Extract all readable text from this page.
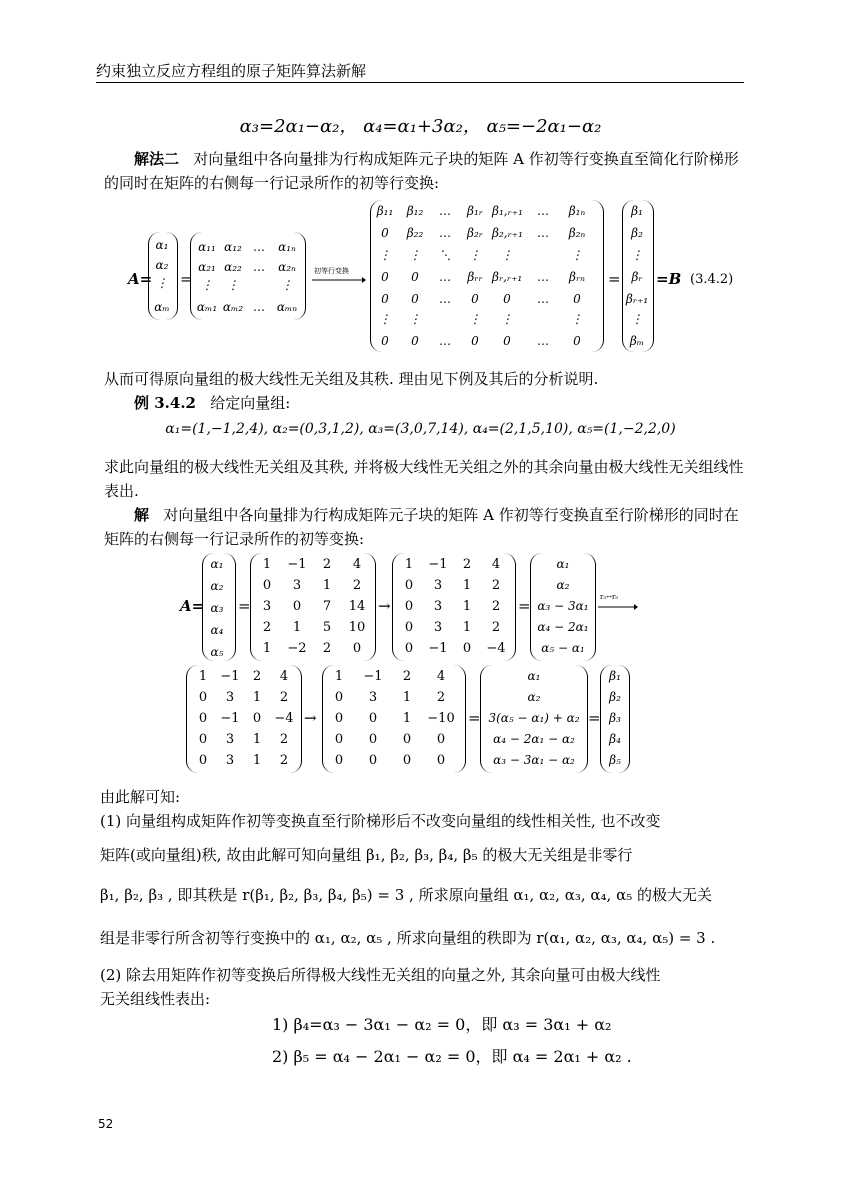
约束独立反应方程组的原子矩阵算法新解
α₃=2α₁−α₂， α₄=α₁+3α₂， α₅=−2α₁−α₂
解法二 对向量组中各向量排为行构成矩阵元子块的矩阵 A 作初等行变换直至简化行阶梯形的同时在矩阵的右侧每一行记录所作的初等行变换:
A=
α₁
α₂
⋮
αₘ
=
α₁₁ α₁₂ …	α₁ₙ
α₂₁ α₂₂ …	α₂ₙ
⋮	⋮	⋮
αₘ₁ αₘ₂ … αₘₙ
初等行变换
β₁₁	β₁₂	…	β₁ᵣ β₁,ᵣ₊₁	…	β₁ₙ
0	β₂₂	…	β₂ᵣ β₂,ᵣ₊₁	…	β₂ₙ
⋮	⋮	⋱	⋮	⋮	⋮
0	0	…	βᵣᵣ βᵣ,ᵣ₊₁	…	βᵣₙ
0	0	…	0	0	…	0
⋮	⋮	⋮	⋮	⋮
0	0	…	0	0	…	0
=
β₁
β₂
⋮
βᵣ
βᵣ₊₁
⋮
βₘ
=B (3.4.2)
从而可得原向量组的极大线性无关组及其秩. 理由见下例及其后的分析说明.
例 3.4.2 给定向量组:
α₁=(1,−1,2,4), α₂=(0,3,1,2), α₃=(3,0,7,14), α₄=(2,1,5,10), α₅=(1,−2,2,0)
求此向量组的极大线性无关组及其秩, 并将极大线性无关组之外的其余向量由极大线性无关组线性表出.
解 对向量组中各向量排为行构成矩阵元子块的矩阵 A 作初等行变换直至行阶梯形的同时在矩阵的右侧每一行记录所作的初等变换:
A=
α₁
α₂
α₃
α₄
α₅
=
1	−1	2	4
0	3	1	2
3	0	7	14
2	1	5	10
1	−2	2	0
→
1	−1	2	4
0	3	1	2
0	3	1	2
0	3	1	2
0	−1	0	−4
=
α₁
α₂
α₃ − 3α₁
α₄ − 2α₁
α₅ − α₁
r₃↔r₅
1	−1	2	4
0	3	1	2
0	−1	0	−4
0	3	1	2
0	3	1	2
→
1	−1	2	4
0	3	1	2
0	0	1	−10
0	0	0	0
0	0	0	0
=
α₁
α₂
3(α₅ − α₁) + α₂
α₄ − 2α₁ − α₂
α₃ − 3α₁ − α₂
=
β₁
β₂
β₃
β₄
β₅
由此解可知:
(1) 向量组构成矩阵作初等变换直至行阶梯形后不改变向量组的线性相关性, 也不改变
矩阵(或向量组)秩, 故由此解可知向量组 β₁, β₂, β₃, β₄, β₅ 的极大无关组是非零行
β₁, β₂, β₃ , 即其秩是 r(β₁, β₂, β₃, β₄, β₅) = 3 , 所求原向量组 α₁, α₂, α₃, α₄, α₅ 的极大无关
组是非零行所含初等行变换中的 α₁, α₂, α₅ , 所求向量组的秩即为 r(α₁, α₂, α₃, α₄, α₅) = 3 .
(2) 除去用矩阵作初等变换后所得极大线性无关组的向量之外, 其余向量可由极大线性
无关组线性表出:
1) β₄=α₃ − 3α₁ − α₂ = 0，即 α₃ = 3α₁ + α₂
2) β₅ = α₄ − 2α₁ − α₂ = 0，即 α₄ = 2α₁ + α₂ .
52
